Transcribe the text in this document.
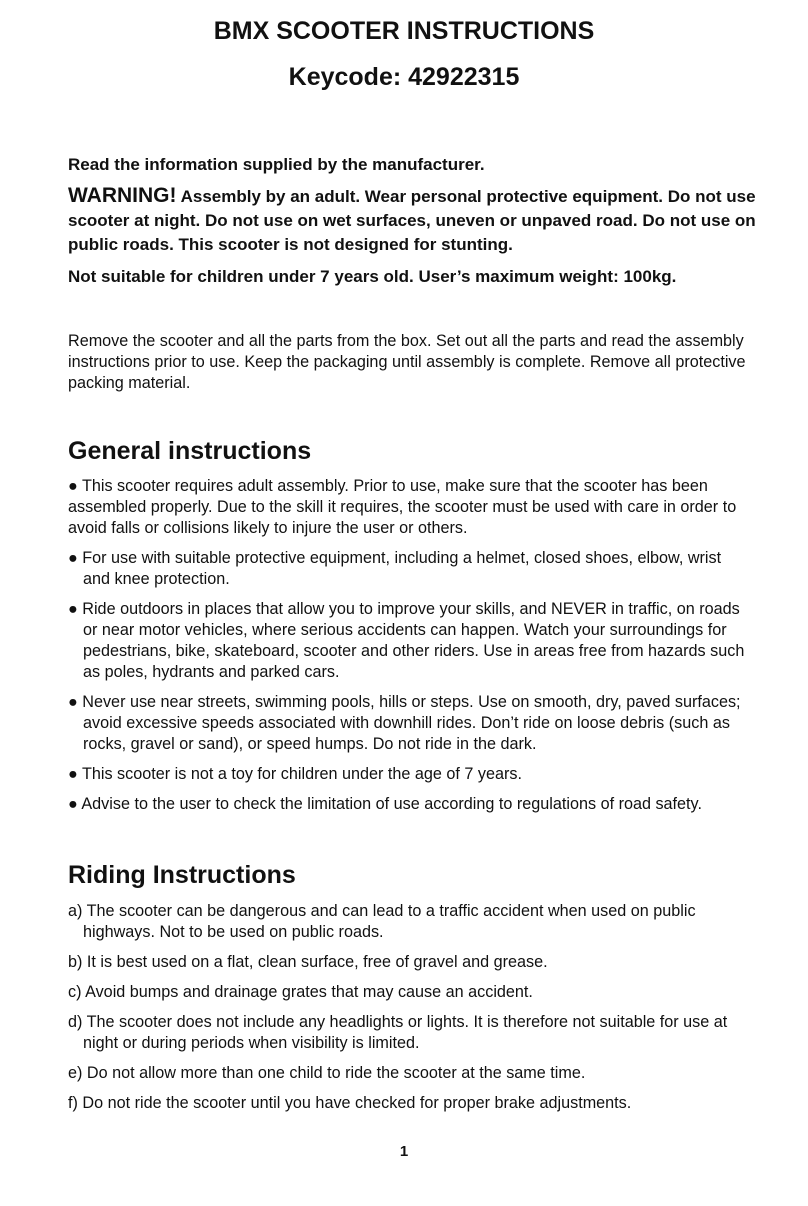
BMX SCOOTER INSTRUCTIONS
Keycode: 42922315

Read the information supplied by the manufacturer.

WARNING! Assembly by an adult. Wear personal protective equipment. Do not use scooter at night. Do not use on wet surfaces, uneven or unpaved road. Do not use on public roads. This scooter is not designed for stunting.

Not suitable for children under 7 years old. User’s maximum weight: 100kg.

Remove the scooter and all the parts from the box. Set out all the parts and read the assembly instructions prior to use. Keep the packaging until assembly is complete. Remove all protective packing material.

General instructions

● This scooter requires adult assembly. Prior to use, make sure that the scooter has been assembled properly. Due to the skill it requires, the scooter must be used with care in order to avoid falls or collisions likely to injure the user or others.

● For use with suitable protective equipment, including a helmet, closed shoes, elbow, wrist and knee protection.

● Ride outdoors in places that allow you to improve your skills, and NEVER in traffic, on roads or near motor vehicles, where serious accidents can happen. Watch your surroundings for pedestrians, bike, skateboard, scooter and other riders. Use in areas free from hazards such as poles, hydrants and parked cars.

● Never use near streets, swimming pools, hills or steps. Use on smooth, dry, paved surfaces; avoid excessive speeds associated with downhill rides. Don’t ride on loose debris (such as rocks, gravel or sand), or speed humps. Do not ride in the dark.

● This scooter is not a toy for children under the age of 7 years.

● Advise to the user to check the limitation of use according to regulations of road safety.

Riding Instructions

a) The scooter can be dangerous and can lead to a traffic accident when used on public highways. Not to be used on public roads.

b) It is best used on a flat, clean surface, free of gravel and grease.

c) Avoid bumps and drainage grates that may cause an accident.

d) The scooter does not include any headlights or lights. It is therefore not suitable for use at night or during periods when visibility is limited.

e) Do not allow more than one child to ride the scooter at the same time.

f) Do not ride the scooter until you have checked for proper brake adjustments.

1
